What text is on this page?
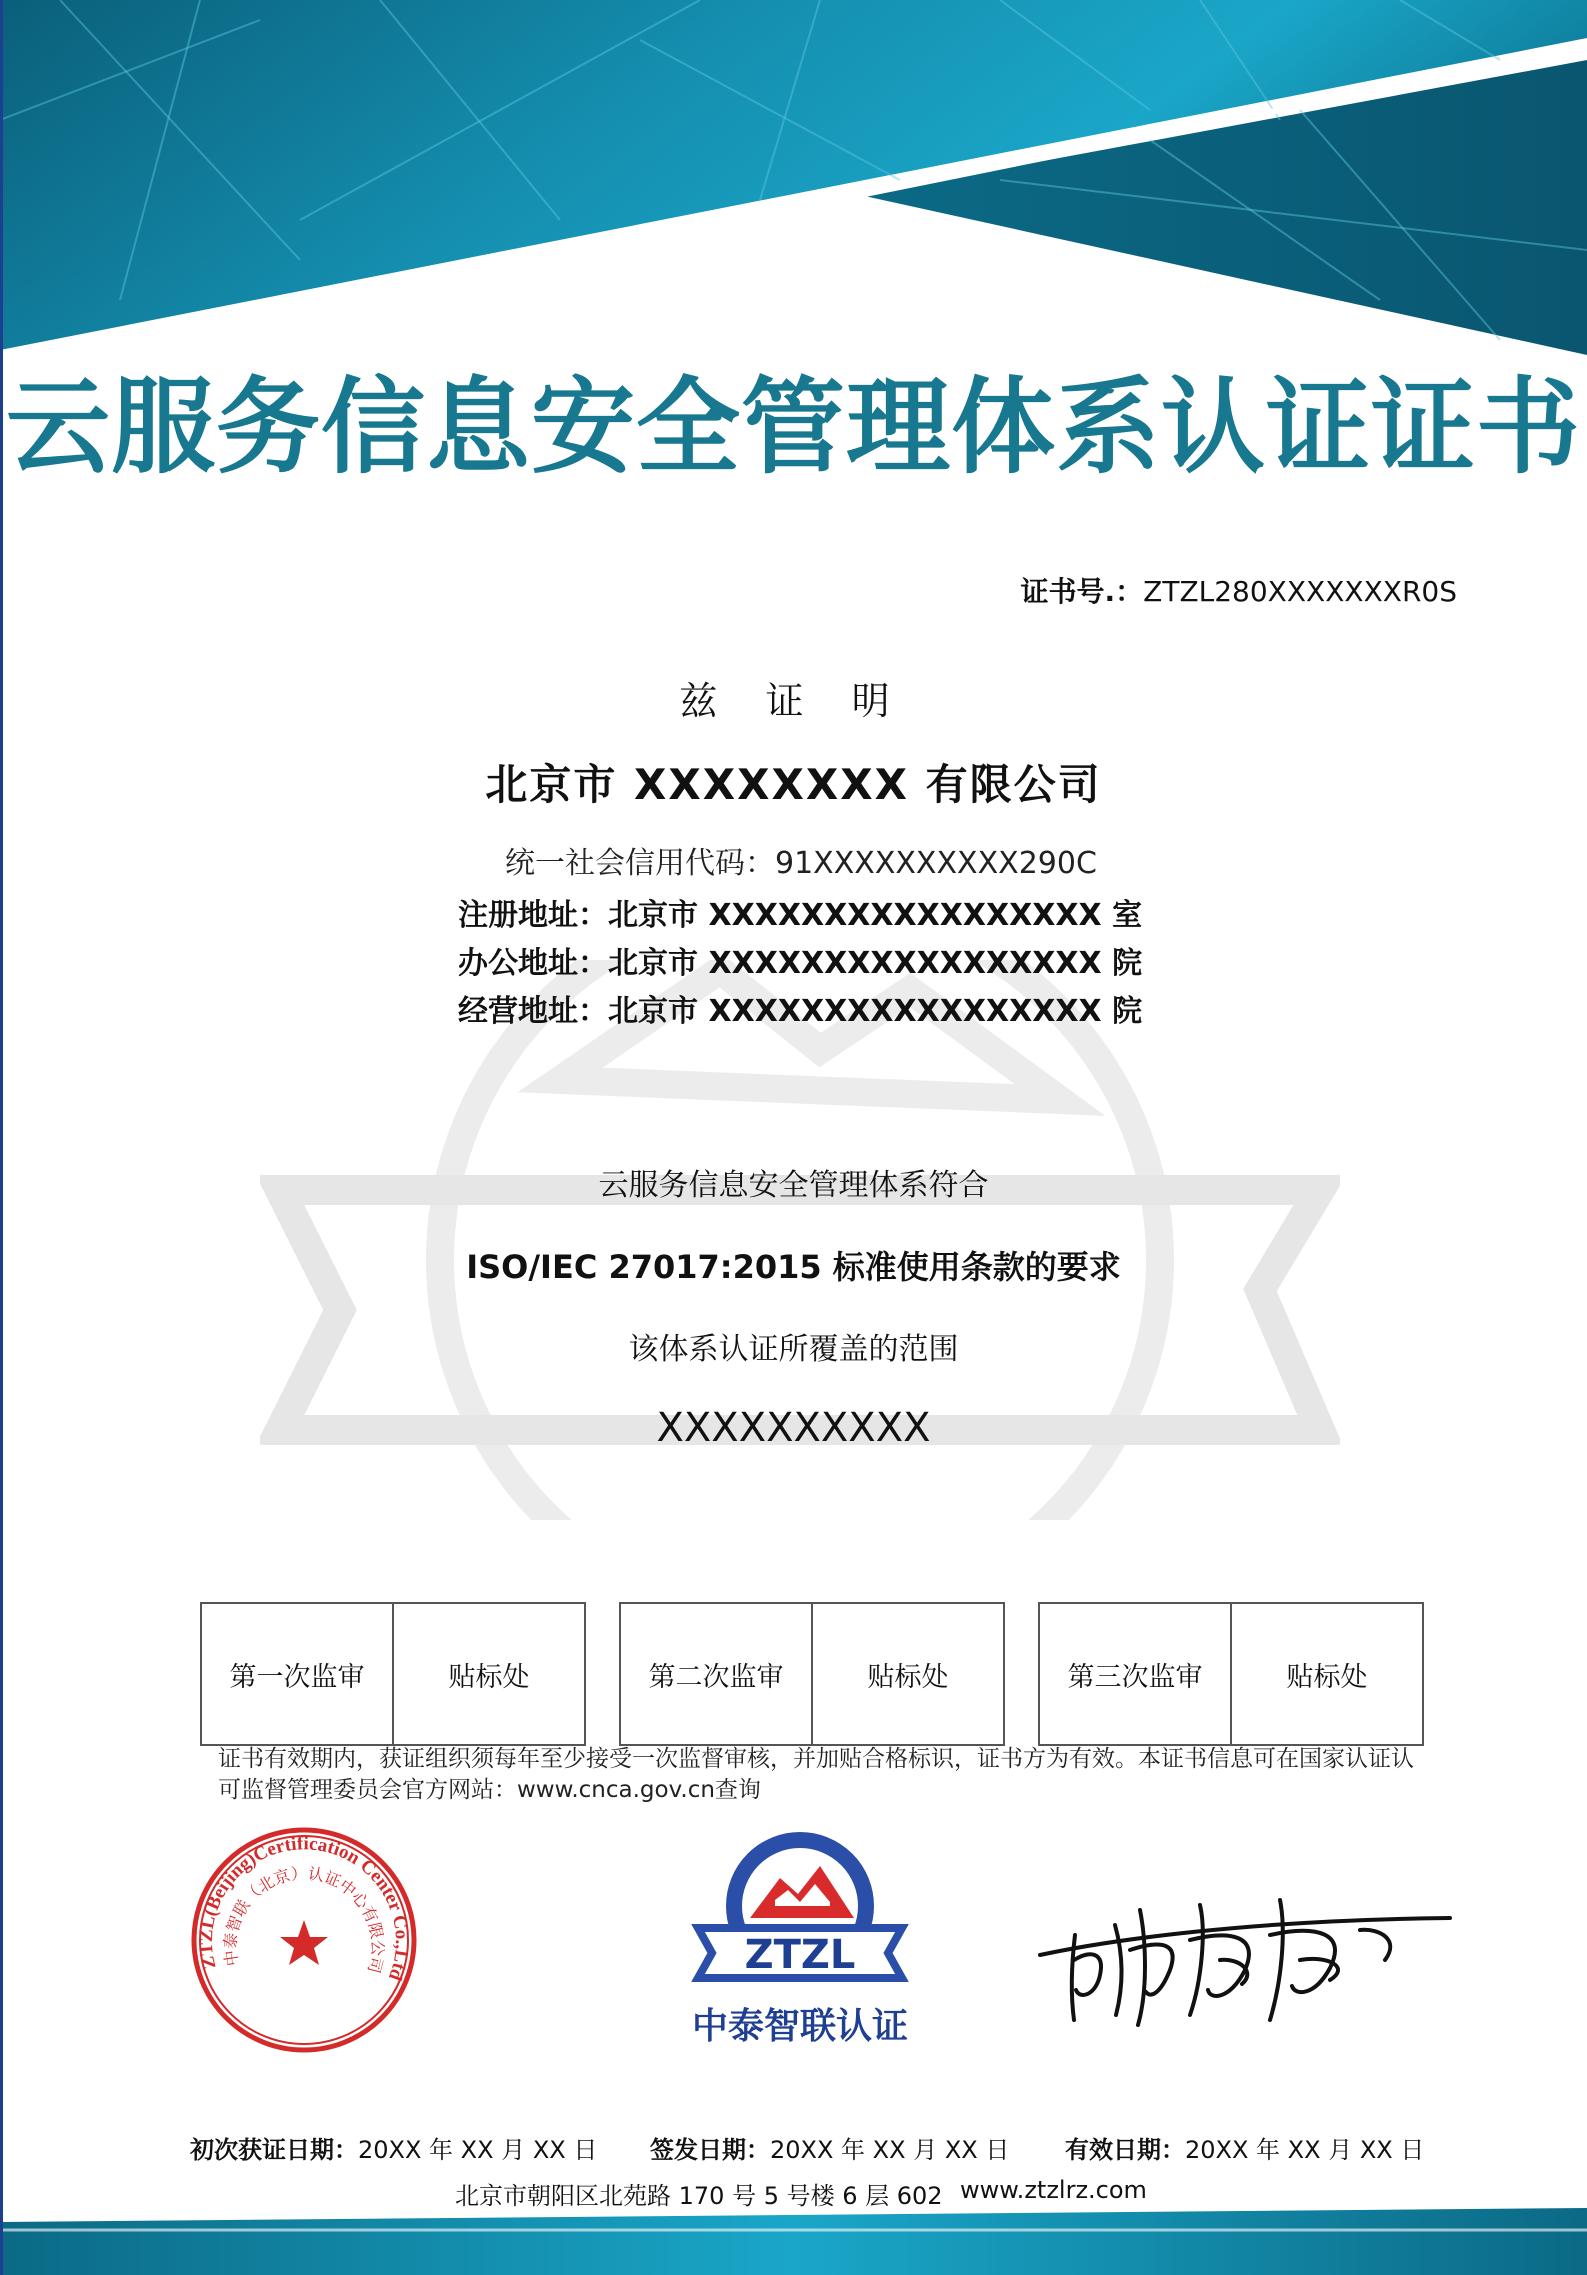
云服务信息安全管理体系认证证书
证书号.：ZTZL280XXXXXXXR0S
兹 证 明
北京市 XXXXXXXX 有限公司
统一社会信用代码：91XXXXXXXXXX290C
注册地址：北京市 XXXXXXXXXXXXXXXXX 室
办公地址：北京市 XXXXXXXXXXXXXXXXX 院
经营地址：北京市 XXXXXXXXXXXXXXXXX 院
云服务信息安全管理体系符合
ISO/IEC 27017:2015 标准使用条款的要求
该体系认证所覆盖的范围
XXXXXXXXXX
第一次监审	贴标处	第二次监审	贴标处	第三次监审	贴标处
证书有效期内，获证组织须每年至少接受一次监督审核，并加贴合格标识，证书方为有效。本证书信息可在国家认证认可监督管理委员会官方网站：www.cnca.gov.cn查询
ZTZL(Beijing)Certification Center Co.,Ltd
中泰智联（北京）认证中心有限公司	ZTZL
中泰智联认证
初次获证日期：20XX 年 XX 月 XX 日 签发日期：20XX 年 XX 月 XX 日 有效日期：20XX 年 XX 月 XX 日
北京市朝阳区北苑路 170 号 5 号楼 6 层 602 www.ztzlrz.com
